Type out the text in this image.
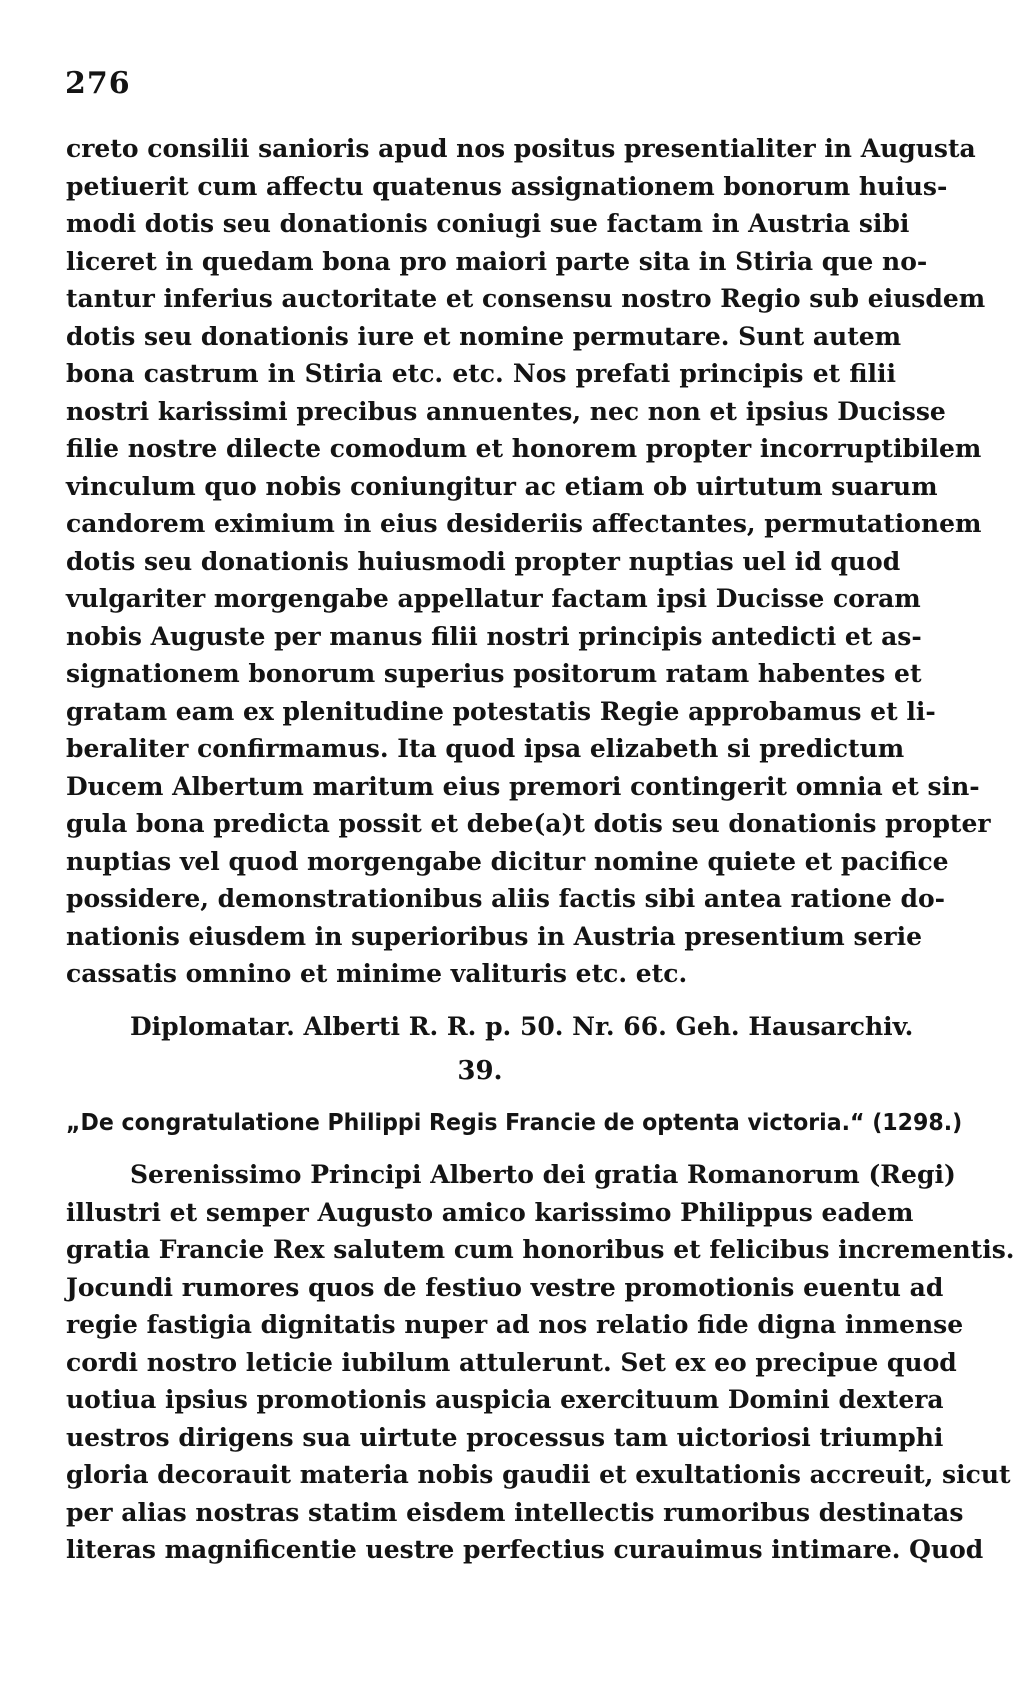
276
creto consilii sanioris apud nos positus presentialiter in Augusta
petiuerit cum affectu quatenus assignationem bonorum huius-
modi dotis seu donationis coniugi sue factam in Austria sibi
liceret in quedam bona pro maiori parte sita in Stiria que no-
tantur inferius auctoritate et consensu nostro Regio sub eiusdem
dotis seu donationis iure et nomine permutare. Sunt autem
bona castrum in Stiria etc. etc. Nos prefati principis et filii
nostri karissimi precibus annuentes, nec non et ipsius Ducisse
filie nostre dilecte comodum et honorem propter incorruptibilem
vinculum quo nobis coniungitur ac etiam ob uirtutum suarum
candorem eximium in eius desideriis affectantes, permutationem
dotis seu donationis huiusmodi propter nuptias uel id quod
vulgariter morgengabe appellatur factam ipsi Ducisse coram
nobis Auguste per manus filii nostri principis antedicti et as-
signationem bonorum superius positorum ratam habentes et
gratam eam ex plenitudine potestatis Regie approbamus et li-
beraliter confirmamus. Ita quod ipsa elizabeth si predictum
Ducem Albertum maritum eius premori contingerit omnia et sin-
gula bona predicta possit et debe(a)t dotis seu donationis propter
nuptias vel quod morgengabe dicitur nomine quiete et pacifice
possidere, demonstrationibus aliis factis sibi antea ratione do-
nationis eiusdem in superioribus in Austria presentium serie
cassatis omnino et minime valituris etc. etc.
Diplomatar. Alberti R. R. p. 50. Nr. 66. Geh. Hausarchiv.
39.
„De congratulatione Philippi Regis Francie de optenta victoria.“ (1298.)
Serenissimo Principi Alberto dei gratia Romanorum (Regi)
illustri et semper Augusto amico karissimo Philippus eadem
gratia Francie Rex salutem cum honoribus et felicibus incrementis.
Jocundi rumores quos de festiuo vestre promotionis euentu ad
regie fastigia dignitatis nuper ad nos relatio fide digna inmense
cordi nostro leticie iubilum attulerunt. Set ex eo precipue quod
uotiua ipsius promotionis auspicia exercituum Domini dextera
uestros dirigens sua uirtute processus tam uictoriosi triumphi
gloria decorauit materia nobis gaudii et exultationis accreuit, sicut
per alias nostras statim eisdem intellectis rumoribus destinatas
literas magnificentie uestre perfectius curauimus intimare. Quod
